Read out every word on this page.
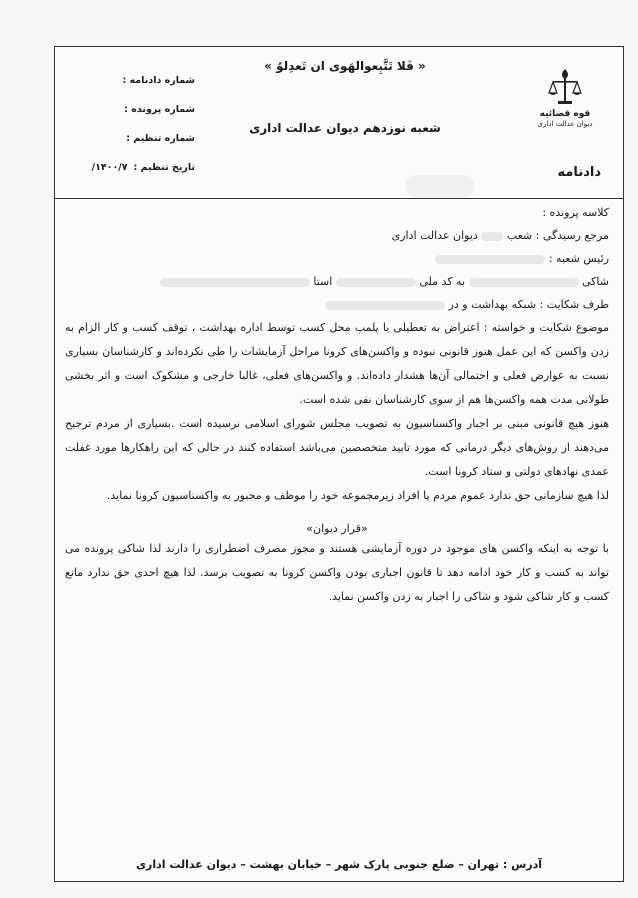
« فَلا تَتَّبِعوالهَوی ان تَعدِلوُ »
شعبه نوزدهم دیوان عدالت اداری
قوه قضائیه
دیوان عدالت اداری
دادنامه
شماره دادنامه :
شماره پرونده :
شماره تنظیم :
تاریخ تنظیم :۱۴۰۰/۷/
کلاسه پرونده :
مرجع رسیدگی : شعب  دیوان عدالت اداری
رئیس شعبه :
شاکی  به کد ملی  استا
طرف شکایت : شبکه بهداشت و در
موضوع شکایت و خواسته : اعتراض به تعطیلی یا پلمپ محل کسب توسط اداره بهداشت ، توقف کسب و کار الزام به زدن واکسن که این عمل هنوز قانونی نبوده و واکسن‌های کرونا مراحل آزمایشات را طی نکرده‌اند و کارشناسان بسیاری نسبت به عوارض فعلی و احتمالی آن‌ها هشدار داده‌اند. و واکسن‌های فعلی، غالبا خارجی و مشکوک است و اثر بخشی طولانی مدت همه واکسن‌ها هم از سوی کارشناسان نفی شده است.
هنوز هیچ قانونی مبنی بر اجبار واکسناسیون به تصویب مجلس شورای اسلامی نرسیده است .بسیاری از مردم ترجیح می‌دهند از روش‌های دیگر درمانی که مورد تایید متخصصین می‌باشد استفاده کنند در حالی که این راهکارها مورد غفلت عمدی نهادهای دولتی و ستاد کرونا است.
لذا هیچ سازمانی حق ندارد عموم مردم یا افراد زیرمجموعه خود را موظف و مجبور به واکسناسیون کرونا نماید.
«قرار دیوان»
با توجه به اینکه واکسن های موجود در دوره آزمایشی هستند و مجوز مصرف اضطراری را دارند لذا شاکی پرونده می تواند به کسب و کار خود ادامه دهد تا قانون اجباری بودن واکسن کرونا به تصویب برسد. لذا هیچ احدی حق ندارد مانع کسب و کار شاکی شود و شاکی را اجبار به زدن واکسن نماید.
آدرس : تهران – ضلع جنوبی پارک شهر – خیابان بهشت – دیوان عدالت اداری
